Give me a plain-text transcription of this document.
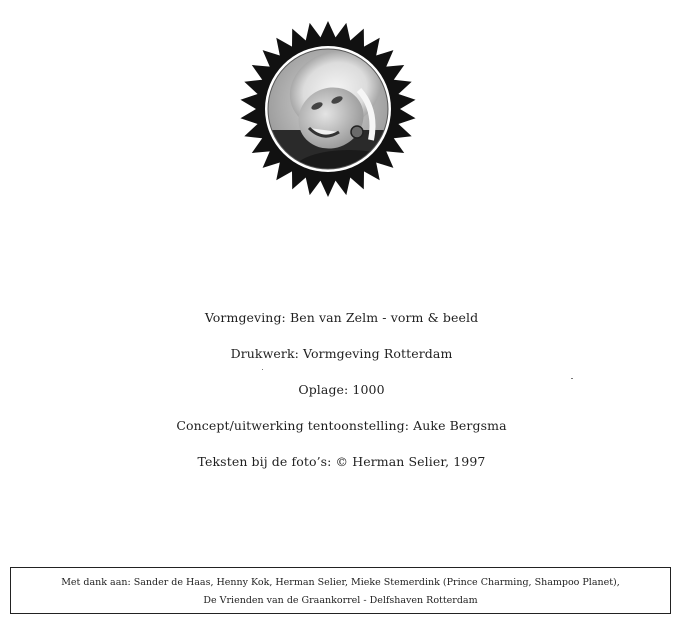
Vormgeving: Ben van Zelm - vorm & beeld
Drukwerk: Vormgeving Rotterdam
Oplage: 1000
Concept/uitwerking tentoonstelling: Auke Bergsma
Teksten bij de foto’s: © Herman Selier, 1997
Met dank aan: Sander de Haas, Henny Kok, Herman Selier, Mieke Stemerdink (Prince Charming, Shampoo Planet),
De Vrienden van de Graankorrel - Delfshaven Rotterdam
